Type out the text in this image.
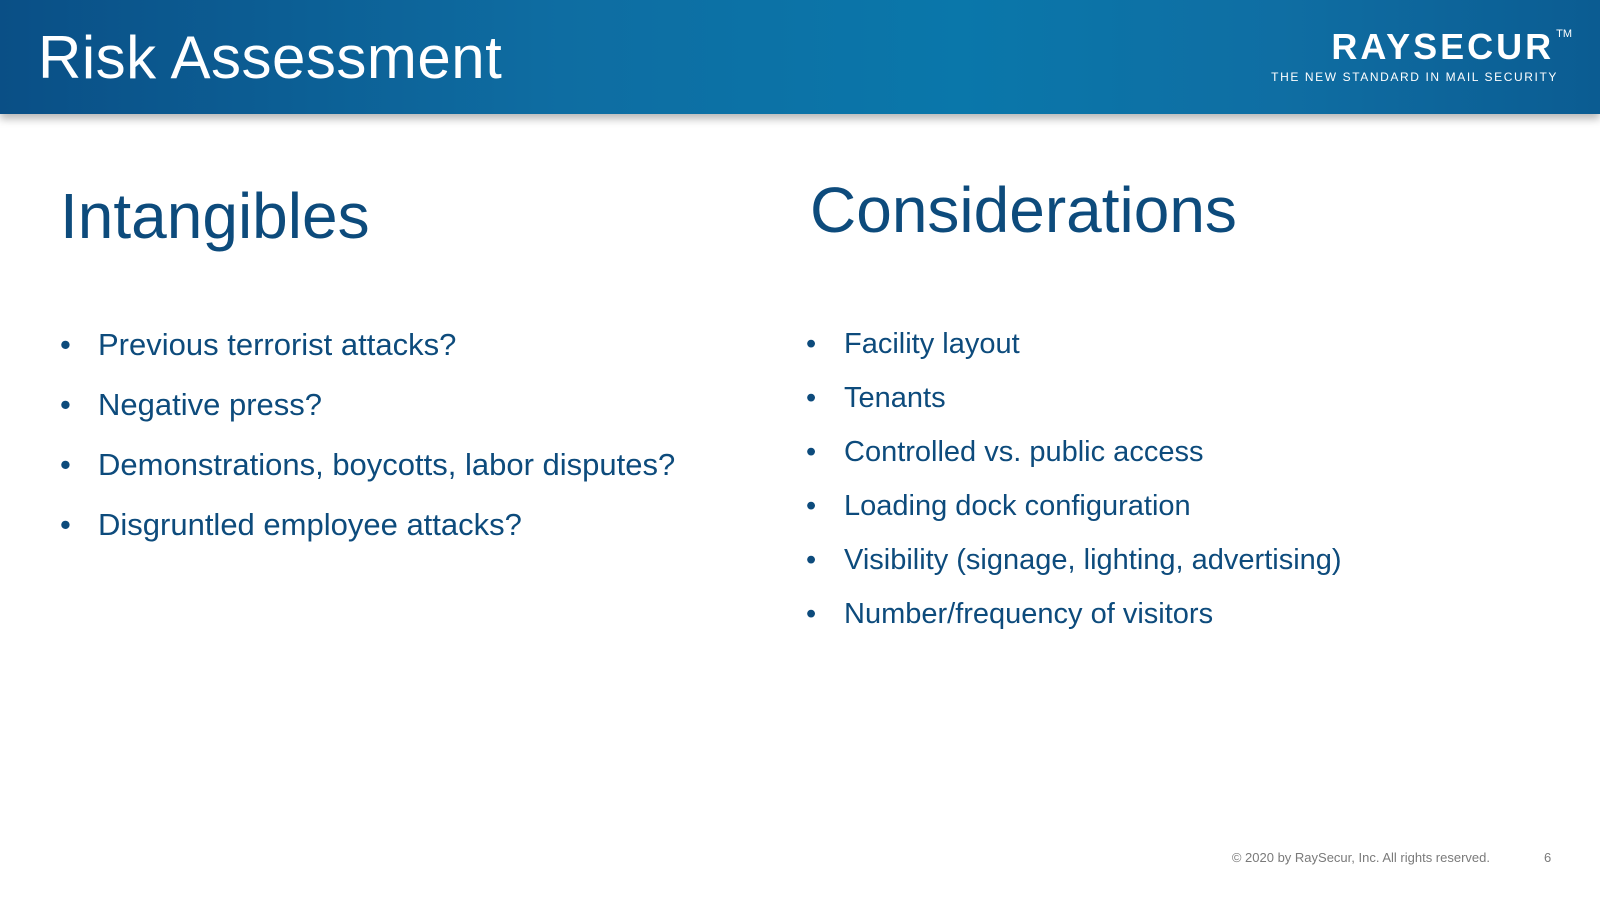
Risk Assessment	RAYSECUR TM
THE NEW STANDARD IN MAIL SECURITY
Intangibles
• Previous terrorist attacks?
• Negative press?
• Demonstrations, boycotts, labor disputes?
• Disgruntled employee attacks?
Considerations
• Facility layout
• Tenants
• Controlled vs. public access
• Loading dock configuration
• Visibility (signage, lighting, advertising)
• Number/frequency of visitors
© 2020 by RaySecur, Inc. All rights reserved.	6
